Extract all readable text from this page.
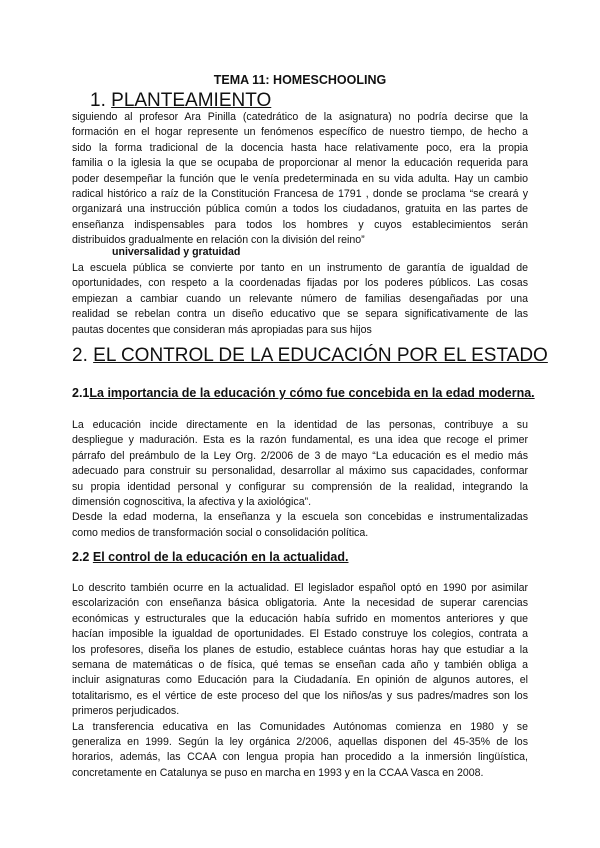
TEMA 11: HOMESCHOOLING
1. PLANTEAMIENTO
siguiendo al profesor Ara Pinilla (catedrático de la asignatura) no podría decirse que la
formación en el hogar represente un fenómenos específico de nuestro tiempo, de hecho a
sido la forma tradicional de la docencia hasta hace relativamente poco, era la propia
familia o la iglesia la que se ocupaba de proporcionar al menor la educación requerida para
poder desempeñar la función que le venía predeterminada en su vida adulta. Hay un cambio
radical histórico a raíz de la Constitución Francesa de 1791 , donde se proclama “se creará y
organizará una instrucción pública común a todos los ciudadanos, gratuita en las partes de
enseñanza indispensables para todos los hombres y cuyos establecimientos serán
distribuidos gradualmente en relación con la división del reino”
universalidad y gratuidad
La escuela pública se convierte por tanto en un instrumento de garantía de igualdad de
oportunidades, con respeto a la coordenadas fijadas por los poderes públicos. Las cosas
empiezan a cambiar cuando un relevante número de familias desengañadas por una
realidad se rebelan contra un diseño educativo que se separa significativamente de las
pautas docentes que consideran más apropiadas para sus hijos
2. EL CONTROL DE LA EDUCACIÓN POR EL ESTADO
2.1La importancia de la educación y cómo fue concebida en la edad moderna.
La educación incide directamente en la identidad de las personas, contribuye a su
despliegue y maduración. Esta es la razón fundamental, es una idea que recoge el primer
párrafo del preámbulo de la Ley Org. 2/2006 de 3 de mayo “La educación es el medio más
adecuado para construir su personalidad, desarrollar al máximo sus capacidades, conformar
su propia identidad personal y configurar su comprensión de la realidad, integrando la
dimensión cognoscitiva, la afectiva y la axiológica”.
Desde la edad moderna, la enseñanza y la escuela son concebidas e instrumentalizadas
como medios de transformación social o consolidación política.
2.2 El control de la educación en la actualidad.
Lo descrito también ocurre en la actualidad. El legislador español optó en 1990 por asimilar
escolarización con enseñanza básica obligatoria. Ante la necesidad de superar carencias
económicas y estructurales que la educación había sufrido en momentos anteriores y que
hacían imposible la igualdad de oportunidades. El Estado construye los colegios, contrata a
los profesores, diseña los planes de estudio, establece cuántas horas hay que estudiar a la
semana de matemáticas o de física, qué temas se enseñan cada año y también obliga a
incluir asignaturas como Educación para la Ciudadanía. En opinión de algunos autores, el
totalitarismo, es el vértice de este proceso del que los niños/as y sus padres/madres son los
primeros perjudicados.
La transferencia educativa en las Comunidades Autónomas comienza en 1980 y se
generaliza en 1999. Según la ley orgánica 2/2006, aquellas disponen del 45-35% de los
horarios, además, las CCAA con lengua propia han procedido a la inmersión lingüística,
concretamente en Catalunya se puso en marcha en 1993 y en la CCAA Vasca en 2008.
